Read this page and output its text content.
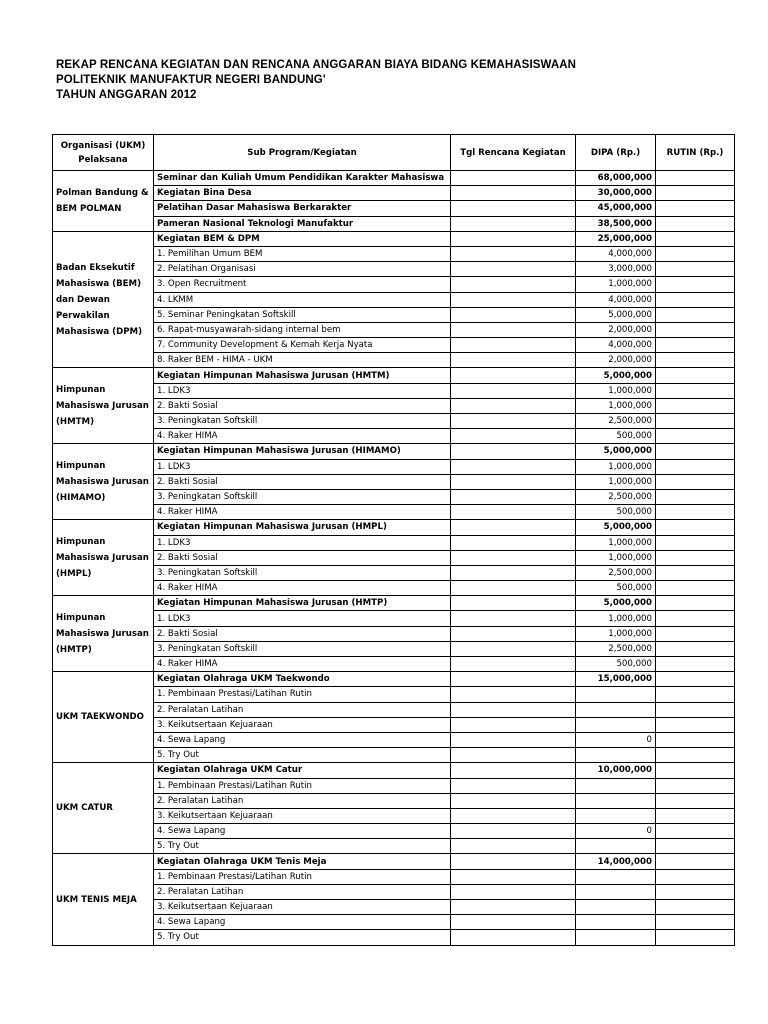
REKAP RENCANA KEGIATAN DAN RENCANA ANGGARAN BIAYA BIDANG KEMAHASISWAAN
POLITEKNIK MANUFAKTUR NEGERI BANDUNG'
TAHUN ANGGARAN 2012
Organisasi (UKM) Pelaksana	Sub Program/Kegiatan	Tgl Rencana Kegiatan	DIPA (Rp.)	RUTIN (Rp.)
Polman Bandung & BEM POLMAN	Seminar dan Kuliah Umum Pendidikan Karakter Mahasiswa		68,000,000	
	Kegiatan Bina Desa		30,000,000	
	Pelatihan Dasar Mahasiswa Berkarakter		45,000,000	
	Pameran Nasional Teknologi Manufaktur		38,500,000	
Badan Eksekutif Mahasiswa (BEM) dan Dewan Perwakilan Mahasiswa (DPM)	Kegiatan BEM & DPM		25,000,000	
	1. Pemilihan Umum BEM		4,000,000	
	2. Pelatihan Organisasi		3,000,000	
	3. Open Recruitment		1,000,000	
	4. LKMM		4,000,000	
	5. Seminar Peningkatan Softskill		5,000,000	
	6. Rapat-musyawarah-sidang internal bem		2,000,000	
	7. Community Development & Kemah Kerja Nyata		4,000,000	
	8. Raker BEM - HIMA - UKM		2,000,000	
Himpunan Mahasiswa Jurusan (HMTM)	Kegiatan Himpunan Mahasiswa Jurusan (HMTM)		5,000,000	
	1. LDK3		1,000,000	
	2. Bakti Sosial		1,000,000	
	3. Peningkatan Softskill		2,500,000	
	4. Raker HIMA		500,000	
Himpunan Mahasiswa Jurusan (HIMAMO)	Kegiatan Himpunan Mahasiswa Jurusan (HIMAMO)		5,000,000	
	1. LDK3		1,000,000	
	2. Bakti Sosial		1,000,000	
	3. Peningkatan Softskill		2,500,000	
	4. Raker HIMA		500,000	
Himpunan Mahasiswa Jurusan (HMPL)	Kegiatan Himpunan Mahasiswa Jurusan (HMPL)		5,000,000	
	1. LDK3		1,000,000	
	2. Bakti Sosial		1,000,000	
	3. Peningkatan Softskill		2,500,000	
	4. Raker HIMA		500,000	
Himpunan Mahasiswa Jurusan (HMTP)	Kegiatan Himpunan Mahasiswa Jurusan (HMTP)		5,000,000	
	1. LDK3		1,000,000	
	2. Bakti Sosial		1,000,000	
	3. Peningkatan Softskill		2,500,000	
	4. Raker HIMA		500,000	
UKM TAEKWONDO	Kegiatan Olahraga UKM Taekwondo		15,000,000	
	1. Pembinaan Prestasi/Latihan Rutin			
	2. Peralatan Latihan			
	3. Keikutsertaan Kejuaraan			
	4. Sewa Lapang		0	
	5. Try Out			
UKM CATUR	Kegiatan Olahraga UKM Catur		10,000,000	
	1. Pembinaan Prestasi/Latihan Rutin			
	2. Peralatan Latihan			
	3. Keikutsertaan Kejuaraan			
	4. Sewa Lapang		0	
	5. Try Out			
UKM TENIS MEJA	Kegiatan Olahraga UKM Tenis Meja		14,000,000	
	1. Pembinaan Prestasi/Latihan Rutin			
	2. Peralatan Latihan			
	3. Keikutsertaan Kejuaraan			
	4. Sewa Lapang			
	5. Try Out			
